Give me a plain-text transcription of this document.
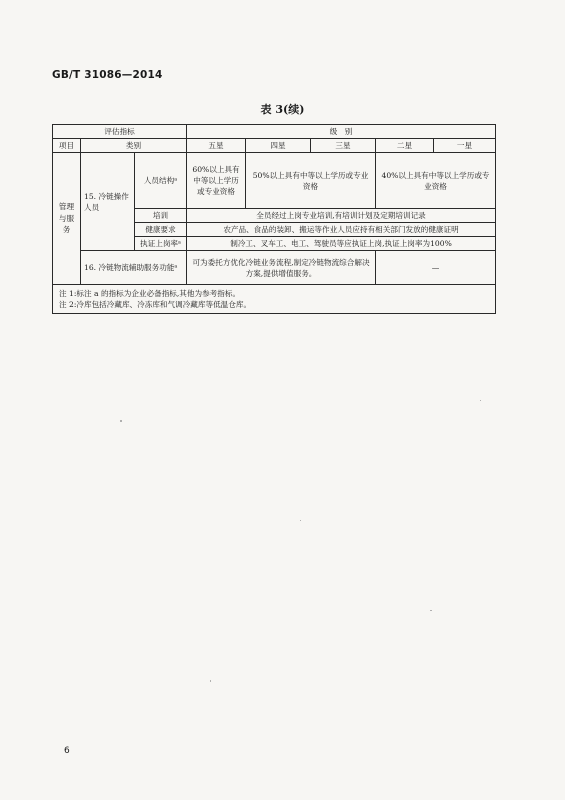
GB/T 31086—2014
表 3(续)
评估指标			级　别				
项目	类别		五星	四星	三星	二星	一星
管理与服务	15. 冷链操作人员	人员结构ᵃ	60%以上具有中等以上学历或专业资格	50%以上具有中等以上学历或专业资格		40%以上具有中等以上学历或专业资格	
		培训	全员经过上岗专业培训,有培训计划及定期培训记录				
		健康要求	农产品、食品的装卸、搬运等作业人员应持有相关部门发放的健康证明				
		执证上岗率ᵃ	制冷工、叉车工、电工、驾驶员等应执证上岗,执证上岗率为100%				
	16. 冷链物流辅助服务功能ᵃ		可为委托方优化冷链业务流程,制定冷链物流综合解决方案,提供增值服务。			—	

注 1:标注 a 的指标为企业必备指标,其他为参考指标。
注 2:冷库包括冷藏库、冷冻库和气调冷藏库等低温仓库。							
6
